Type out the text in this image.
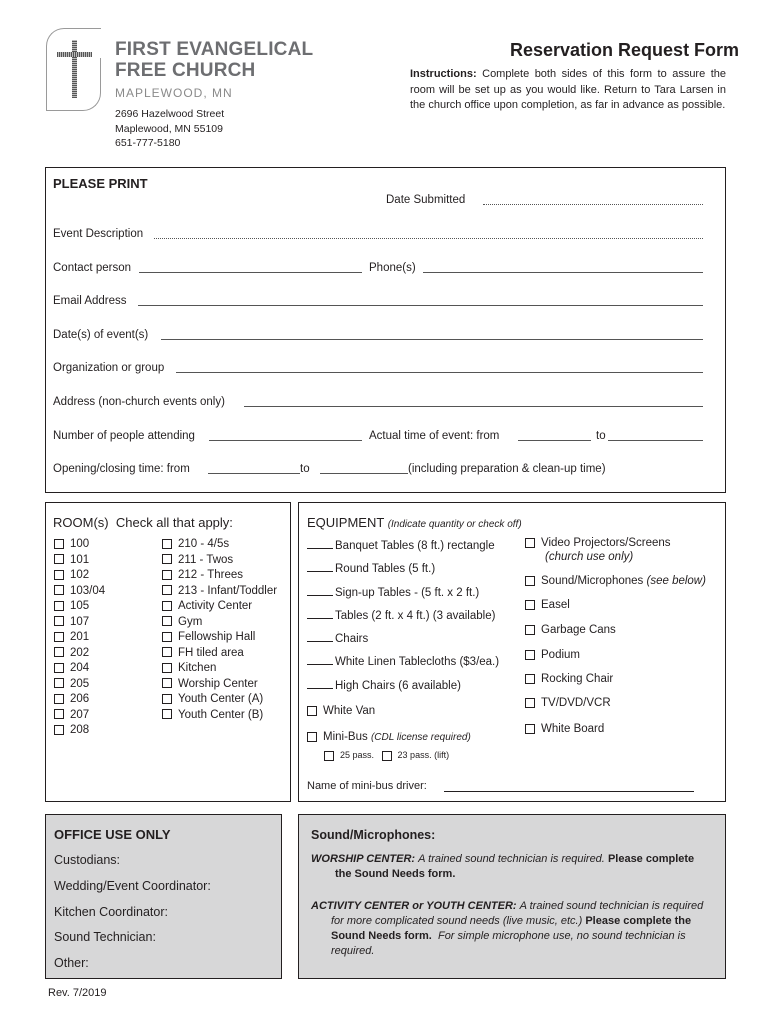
FIRST EVANGELICAL
FREE CHURCH
MAPLEWOOD, MN
2696 Hazelwood Street
Maplewood, MN 55109
651-777-5180
Reservation Request Form
Instructions: Complete both sides of this form to assure the room will be set up as you would like. Return to Tara Larsen in the church office upon completion, as far in advance as possible.
PLEASE PRINT
Date Submitted
Event Description
Contact person	Phone(s)
Email Address
Date(s) of event(s)
Organization or group
Address (non-church events only)
Number of people attending	Actual time of event: from	to
Opening/closing time: from	to	(including preparation & clean-up time)
ROOM(s) Check all that apply:
100
101
102
103/04
105
107
201
202
204
205
206
207
208
210 - 4/5s
211 - Twos
212 - Threes
213 - Infant/Toddler
Activity Center
Gym
Fellowship Hall
FH tiled area
Kitchen
Worship Center
Youth Center (A)
Youth Center (B)
EQUIPMENT (Indicate quantity or check off)
Banquet Tables (8 ft.) rectangle
Round Tables (5 ft.)
Sign-up Tables - (5 ft. x 2 ft.)
Tables (2 ft. x 4 ft.) (3 available)
Chairs
White Linen Tablecloths ($3/ea.)
High Chairs (6 available)
White Van
Mini-Bus (CDL license required)
25 pass.	23 pass. (lift)
Video Projectors/Screens
Sound/Microphones (see below)
Easel
Garbage Cans
Podium
Rocking Chair
TV/DVD/VCR
White Board
(church use only)
Name of mini-bus driver:
OFFICE USE ONLY
Custodians:
Wedding/Event Coordinator:
Kitchen Coordinator:
Sound Technician:
Other:
Sound/Microphones:
WORSHIP CENTER: A trained sound technician is required. Please complete
the Sound Needs form.
ACTIVITY CENTER or YOUTH CENTER: A trained sound technician is required
for more complicated sound needs (live music, etc.) Please complete the
Sound Needs form. For simple microphone use, no sound technician is
required.
Rev. 7/2019
